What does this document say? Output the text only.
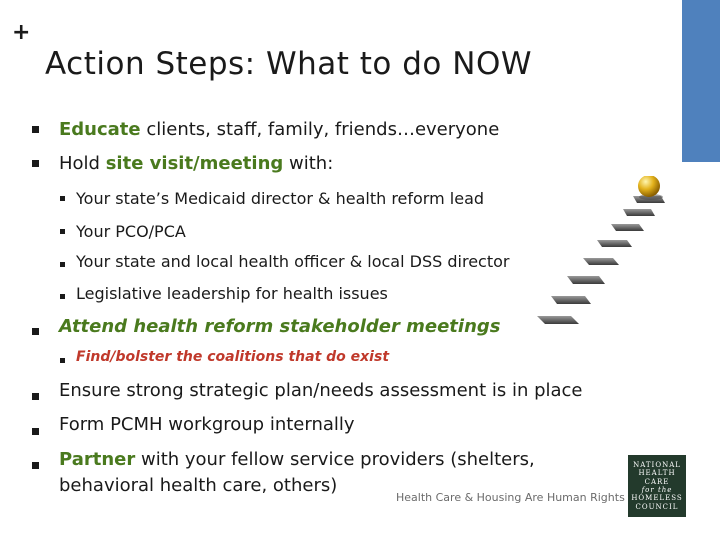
+
Action Steps: What to do NOW
Educate clients, staff, family, friends…everyone
Hold site visit/meeting with:
Your state’s Medicaid director & health reform lead
Your PCO/PCA
Your state and local health officer & local DSS director
Legislative leadership for health issues
Attend health reform stakeholder meetings
Find/bolster the coalitions that do exist
Ensure strong strategic plan/needs assessment is in place
Form PCMH workgroup internally
Partner with your fellow service providers (shelters,
behavioral health care, others)
Health Care & Housing Are Human Rights
NATIONAL
HEALTH CARE
for the
HOMELESS
COUNCIL
